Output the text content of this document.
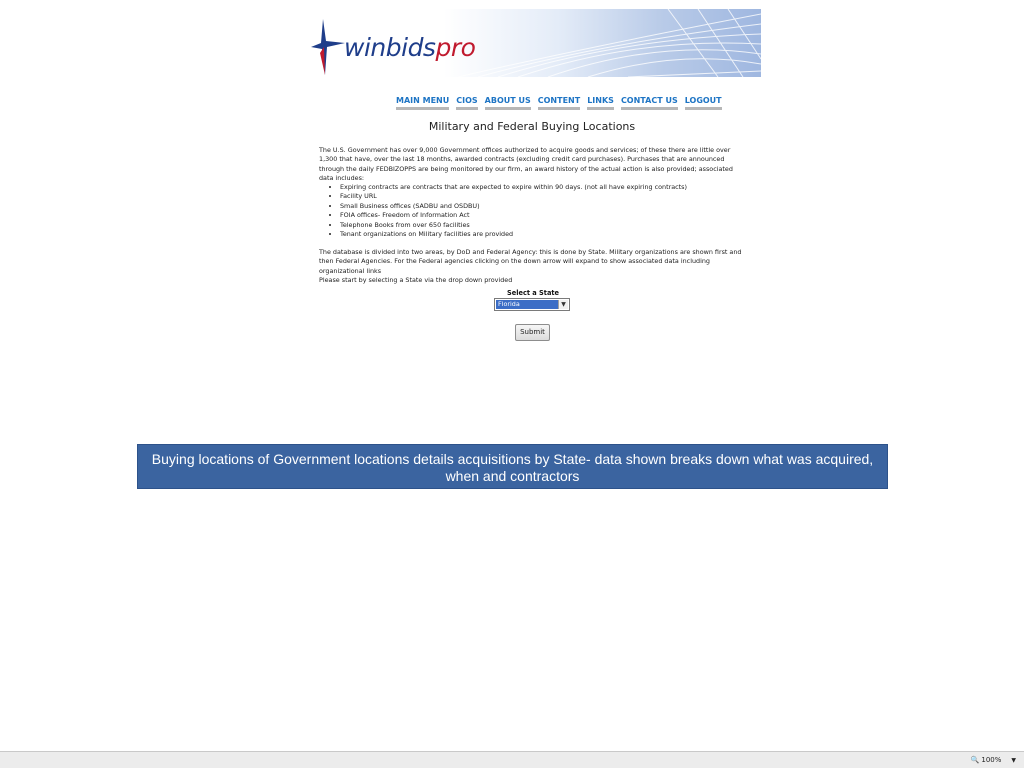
winbidspro
MAIN MENU CIOS ABOUT US CONTENT LINKS CONTACT US LOGOUT
Military and Federal Buying Locations
The U.S. Government has over 9,000 Government offices authorized to acquire goods and services; of these there are little over 1,300 that have, over the last 18 months, awarded contracts (excluding credit card purchases). Purchases that are announced through the daily FEDBIZOPPS are being monitored by our firm, an award history of the actual action is also provided; associated data includes:
• Expiring contracts are contracts that are expected to expire within 90 days. (not all have expiring contracts)
• Facility URL
• Small Business offices (SADBU and OSDBU)
• FOIA offices- Freedom of Information Act
• Telephone Books from over 650 facilities
• Tenant organizations on Military facilities are provided
The database is divided into two areas, by DoD and Federal Agency: this is done by State. Military organizations are shown first and then Federal Agencies. For the Federal agencies clicking on the down arrow will expand to show associated data including organizational links
Please start by selecting a State via the drop down provided
Select a State
Florida	▼
Submit
Buying locations of Government locations details acquisitions by State- data shown breaks down what was acquired, when and contractors
🔍 100% ▼
